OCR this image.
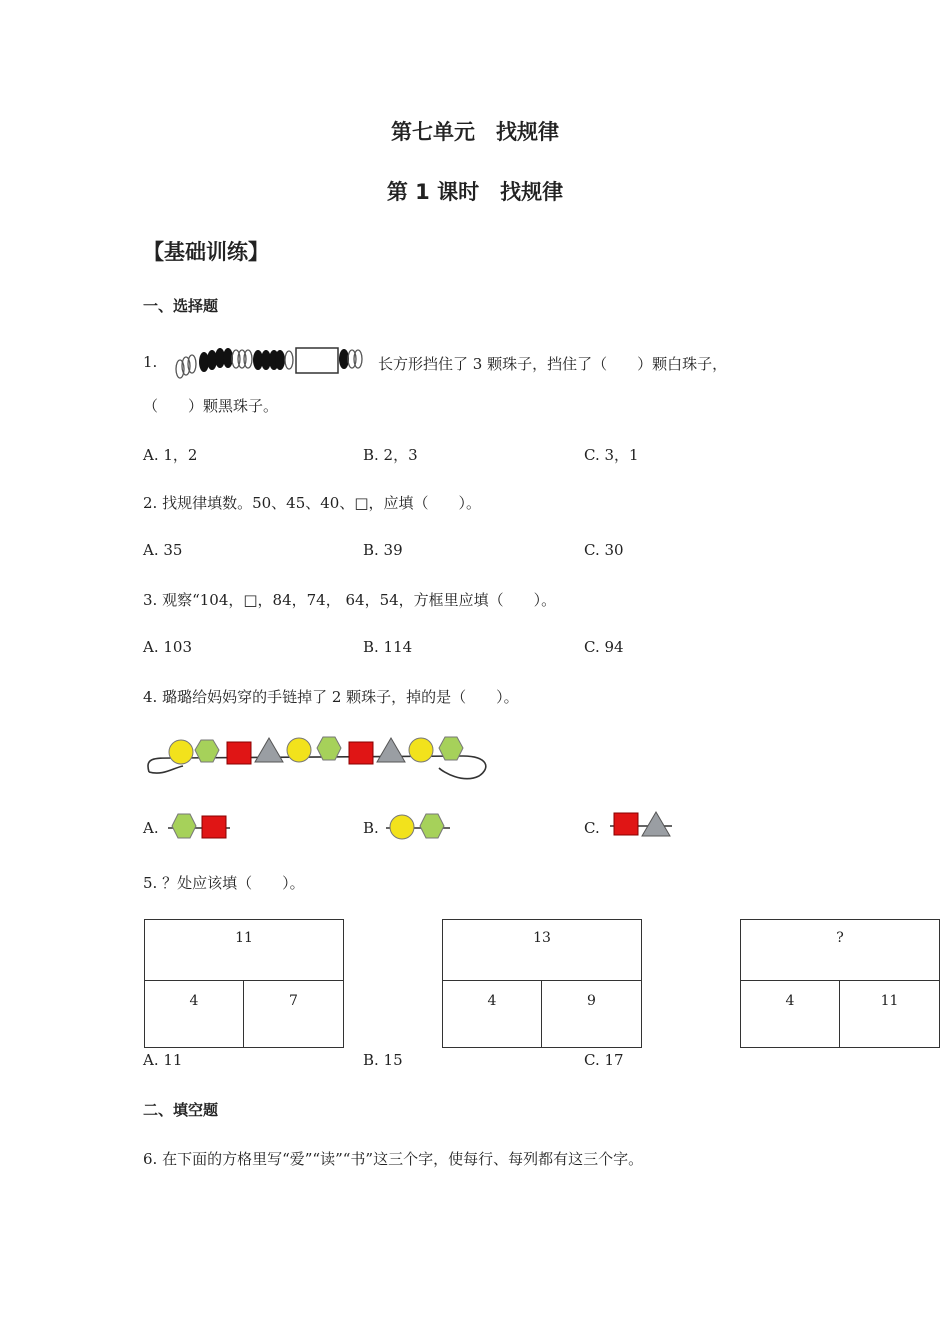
第七单元　找规律
第 1 课时　找规律
【基础训练】
一、选择题
1.	长方形挡住了 3 颗珠子，挡住了（　　）颗白珠子，
（　　）颗黑珠子。
A. 1，2	B. 2，3	C. 3，1
2. 找规律填数。50、45、40、□，应填（　　）。
A. 35	B. 39	C. 30
3. 观察“104，□，84，74， 64，54，方框里应填（　　）。
A. 103	B. 114	C. 94
4. 璐璐给妈妈穿的手链掉了 2 颗珠子，掉的是（　　）。
A.	B.	C.
5. ？处应该填（　　）。
11
4	7
13
4	9
?
4	11
A. 11	B. 15	C. 17
二、填空题
6. 在下面的方格里写“爱”“读”“书”这三个字，使每行、每列都有这三个字。
